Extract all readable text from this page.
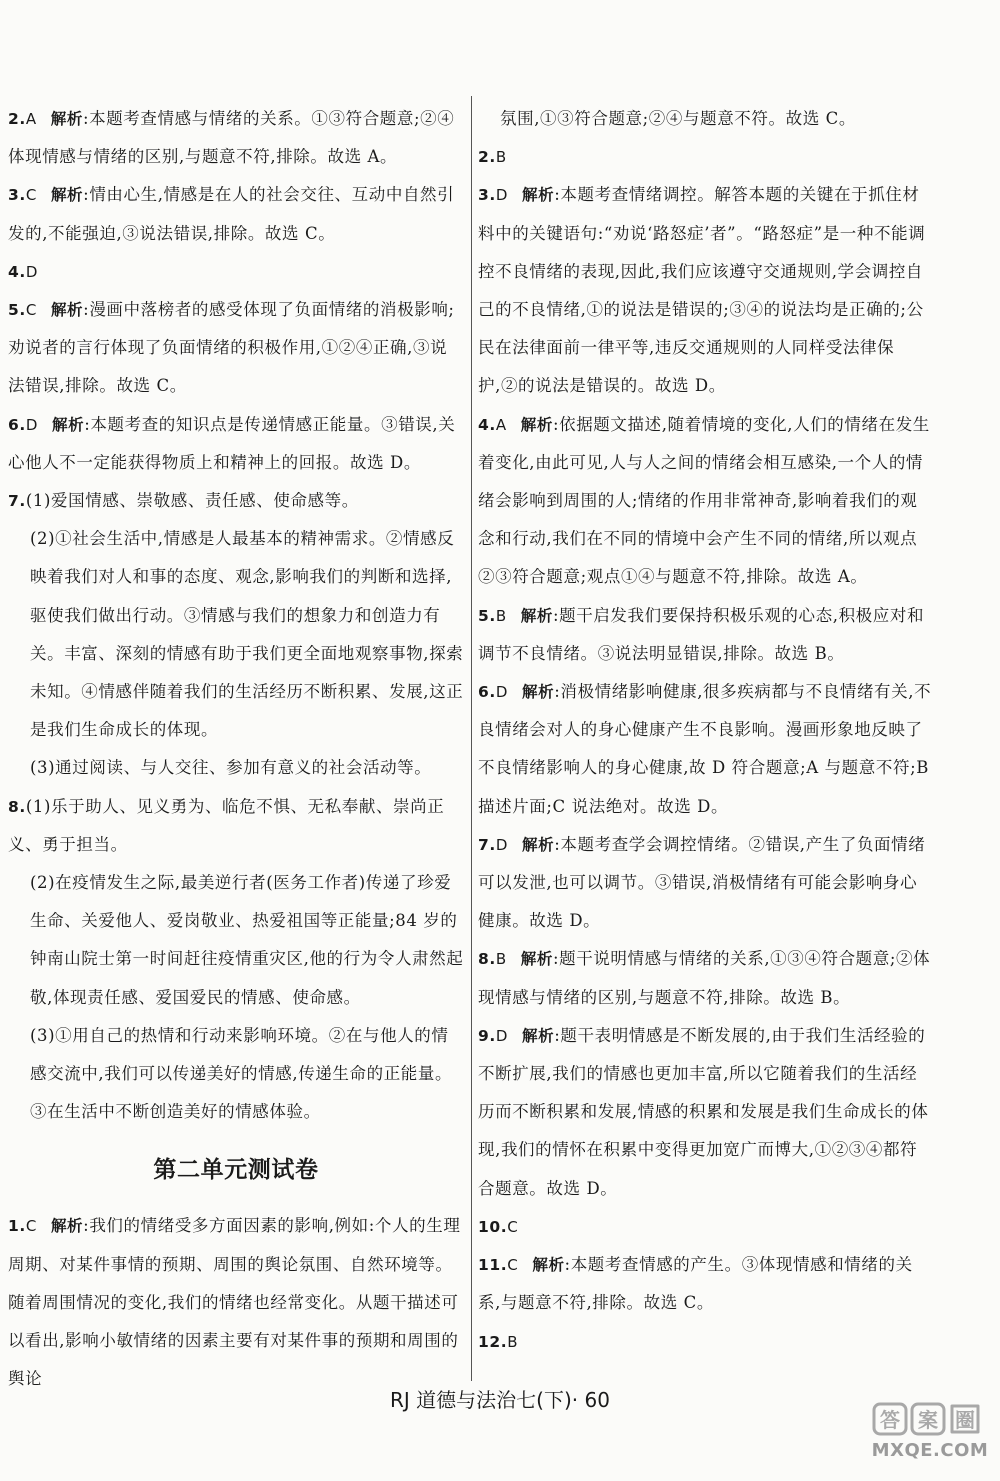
2.A 解析:本题考查情感与情绪的关系。①③符合题意;②④体现情感与情绪的区别,与题意不符,排除。故选 A。

3.C 解析:情由心生,情感是在人的社会交往、互动中自然引发的,不能强迫,③说法错误,排除。故选 C。

4.D

5.C 解析:漫画中落榜者的感受体现了负面情绪的消极影响;劝说者的言行体现了负面情绪的积极作用,①②④正确,③说法错误,排除。故选 C。

6.D 解析:本题考查的知识点是传递情感正能量。③错误,关心他人不一定能获得物质上和精神上的回报。故选 D。

7.(1)爱国情感、崇敬感、责任感、使命感等。

(2)①社会生活中,情感是人最基本的精神需求。②情感反映着我们对人和事的态度、观念,影响我们的判断和选择,驱使我们做出行动。③情感与我们的想象力和创造力有关。丰富、深刻的情感有助于我们更全面地观察事物,探索未知。④情感伴随着我们的生活经历不断积累、发展,这正是我们生命成长的体现。

(3)通过阅读、与人交往、参加有意义的社会活动等。

8.(1)乐于助人、见义勇为、临危不惧、无私奉献、崇尚正义、勇于担当。

(2)在疫情发生之际,最美逆行者(医务工作者)传递了珍爱生命、关爱他人、爱岗敬业、热爱祖国等正能量;84 岁的钟南山院士第一时间赶往疫情重灾区,他的行为令人肃然起敬,体现责任感、爱国爱民的情感、使命感。

(3)①用自己的热情和行动来影响环境。②在与他人的情感交流中,我们可以传递美好的情感,传递生命的正能量。③在生活中不断创造美好的情感体验。

第二单元测试卷

1.C 解析:我们的情绪受多方面因素的影响,例如:个人的生理周期、对某件事情的预期、周围的舆论氛围、自然环境等。随着周围情况的变化,我们的情绪也经常变化。从题干描述可以看出,影响小敏情绪的因素主要有对某件事的预期和周围的舆论

氛围,①③符合题意;②④与题意不符。故选 C。

2.B

3.D 解析:本题考查情绪调控。解答本题的关键在于抓住材料中的关键语句:“劝说‘路怒症’者”。“路怒症”是一种不能调控不良情绪的表现,因此,我们应该遵守交通规则,学会调控自己的不良情绪,①的说法是错误的;③④的说法均是正确的;公民在法律面前一律平等,违反交通规则的人同样受法律保护,②的说法是错误的。故选 D。

4.A 解析:依据题文描述,随着情境的变化,人们的情绪在发生着变化,由此可见,人与人之间的情绪会相互感染,一个人的情绪会影响到周围的人;情绪的作用非常神奇,影响着我们的观念和行动,我们在不同的情境中会产生不同的情绪,所以观点②③符合题意;观点①④与题意不符,排除。故选 A。

5.B 解析:题干启发我们要保持积极乐观的心态,积极应对和调节不良情绪。③说法明显错误,排除。故选 B。

6.D 解析:消极情绪影响健康,很多疾病都与不良情绪有关,不良情绪会对人的身心健康产生不良影响。漫画形象地反映了不良情绪影响人的身心健康,故 D 符合题意;A 与题意不符;B 描述片面;C 说法绝对。故选 D。

7.D 解析:本题考查学会调控情绪。②错误,产生了负面情绪可以发泄,也可以调节。③错误,消极情绪有可能会影响身心健康。故选 D。

8.B 解析:题干说明情感与情绪的关系,①③④符合题意;②体现情感与情绪的区别,与题意不符,排除。故选 B。

9.D 解析:题干表明情感是不断发展的,由于我们生活经验的不断扩展,我们的情感也更加丰富,所以它随着我们的生活经历而不断积累和发展,情感的积累和发展是我们生命成长的体现,我们的情怀在积累中变得更加宽广而博大,①②③④都符合题意。故选 D。

10.C

11.C 解析:本题考查情感的产生。③体现情感和情绪的关系,与题意不符,排除。故选 C。

12.B

RJ 道德与法治七(下)· 60
答 案 圈
MXQE.COM
